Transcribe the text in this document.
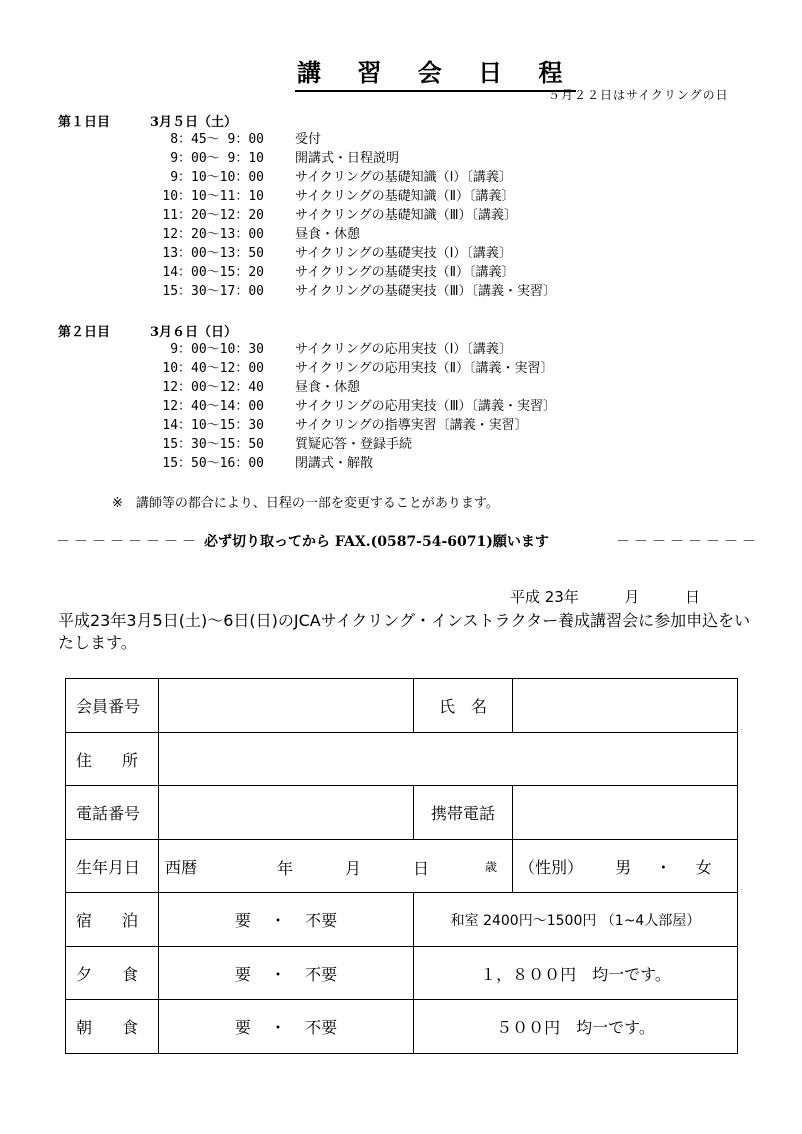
講 習 会 日 程
５月２２日はサイクリングの日
第１日目	3月５日（土）
8：45～ 9：00 受付
9：00～ 9：10 開講式・日程説明
9：10～10：00 サイクリングの基礎知識（Ⅰ）〔講義〕
10：10～11：10 サイクリングの基礎知識（Ⅱ）〔講義〕
11：20～12：20 サイクリングの基礎知識（Ⅲ）〔講義〕
12：20～13：00 昼食・休憩
13：00～13：50 サイクリングの基礎実技（Ⅰ）〔講義〕
14：00～15：20 サイクリングの基礎実技（Ⅱ）〔講義〕
15：30～17：00 サイクリングの基礎実技（Ⅲ）〔講義・実習〕
第２日目	3月６日（日）
9：00～10：30 サイクリングの応用実技（Ⅰ）〔講義〕
10：40～12：00 サイクリングの応用実技（Ⅱ）〔講義・実習〕
12：00～12：40 昼食・休憩
12：40～14：00 サイクリングの応用実技（Ⅲ）〔講義・実習〕
14：10～15：30 サイクリングの指導実習〔講義・実習〕
15：30～15：50 質疑応答・登録手続
15：50～16：00 閉講式・解散
※　講師等の都合により、日程の一部を変更することがあります。
－－－－－－－－ 必ず切り取ってから FAX.(0587-54-6071)願います	－－－－－－－－
平成 23年	月	日
平成23年3月5日(土)～6日(日)のJCAサイクリング・インストラクター養成講習会に参加申込をいたします。
会員番号		氏　名	
住 所			
電話番号		携帯電話	
生年月日	西暦 年 月 日 歳		（性別） 男 ・ 女
宿 泊	要 ・ 不要	和室 2400円～1500円 （1~4人部屋）	
夕 食	要 ・ 不要	１，８００円　均一です。	
朝 食	要 ・ 不要	５００円　均一です。	
